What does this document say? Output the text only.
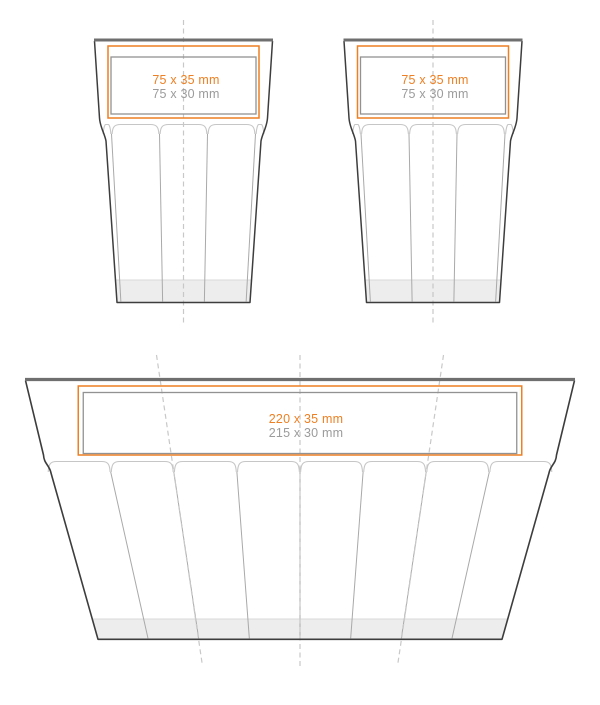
75 x 35 mm
75 x 30 mm
75 x 35 mm
75 x 30 mm
220 x 35 mm
215 x 30 mm
